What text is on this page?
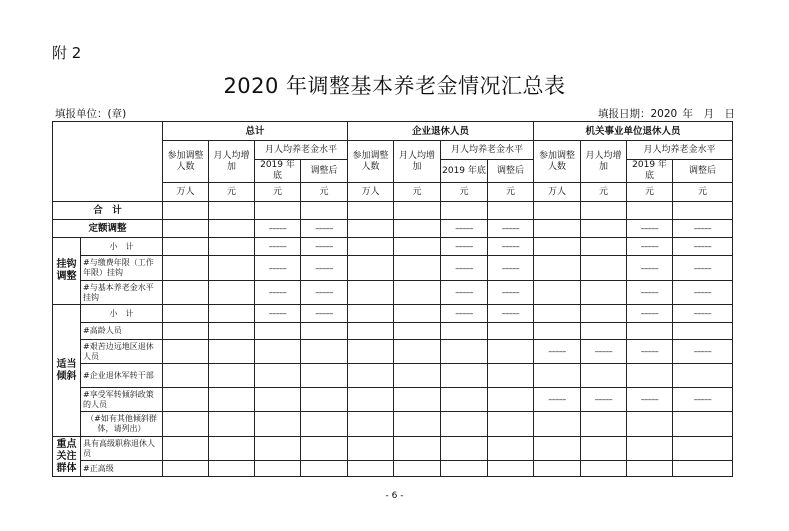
附 2
2020 年调整基本养老金情况汇总表
填报单位：(章)	填报日期：2020 年　月　日
		总计				企业退休人员				机关事业单位退休人员			
		参加调整人数	月人均增加	月人均养老金水平		参加调整人数	月人均增加	月人均养老金水平		参加调整人数	月人均增加	月人均养老金水平	
				2019 年底	调整后			2019 年底	调整后			2019 年底	调整后
		万人	元	元	元	万人	元	元	元	万人	元	元	元
合　计													
定额调整				–––––	–––––			–––––	–––––			–––––	–––––
挂钩调整	小　计			–––––	–––––			–––––	–––––			–––––	–––––
	#与缴费年限（工作年限）挂钩			–––––	–––––			–––––	–––––			–––––	–––––
	#与基本养老金水平挂钩			–––––	–––––			–––––	–––––			–––––	–––––
适当倾斜	小　计			–––––	–––––			–––––	–––––			–––––	–––––
	#高龄人员												
	#艰苦边远地区退休人员									–––––	–––––	–––––	–––––
	#企业退休军转干部												
	#享受军转倾斜政策的人员									–––––	–––––	–––––	–––––
	（#如有其他倾斜群体，请列出）												
重点关注群体	具有高级职称退休人员												
	#正高级												
- 6 -
